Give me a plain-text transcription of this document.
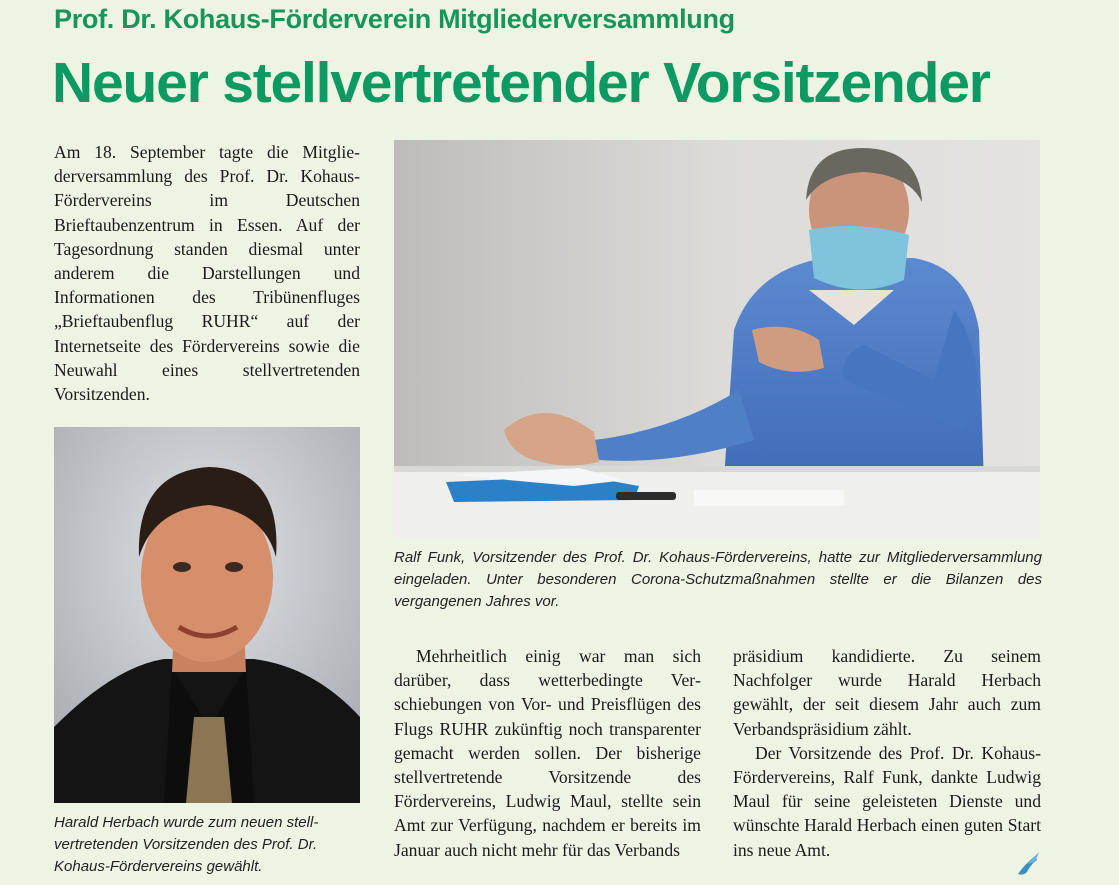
Prof. Dr. Kohaus-Förderverein Mitgliederversammlung
Neuer stellvertretender Vorsitzender

Am 18. September tagte die Mitgliederversammlung des Prof. Dr. Kohaus-Fördervereins im Deutschen Brieftaubenzentrum in Essen. Auf der Tagesordnung standen diesmal unter anderem die Darstellungen und Informationen des Tribünenfluges „Brieftaubenflug RUHR“ auf der Internetseite des Fördervereins sowie die Neuwahl eines stellvertretenden Vorsitzenden.

Ralf Funk, Vorsitzender des Prof. Dr. Kohaus-Fördervereins, hatte zur Mitgliederversammlung eingeladen. Unter besonderen Corona-Schutzmaßnahmen stellte er die Bilanzen des vergangenen Jahres vor.
Harald Herbach wurde zum neuen stellvertretenden Vorsitzenden des Prof. Dr. Kohaus-Fördervereins gewählt.

Mehrheitlich einig war man sich darüber, dass wetterbedingte Verschiebungen von Vor- und Preisflügen des Flugs RUHR zukünftig noch transparenter gemacht werden sollen. Der bisherige stellvertretende Vorsitzende des Fördervereins, Ludwig Maul, stellte sein Amt zur Verfügung, nachdem er bereits im Januar auch nicht mehr für das Verbands

präsidium kandidierte. Zu seinem Nachfolger wurde Harald Herbach gewählt, der seit diesem Jahr auch zum Verbandspräsidium zählt.

Der Vorsitzende des Prof. Dr. Kohaus-Fördervereins, Ralf Funk, dankte Ludwig Maul für seine geleisteten Dienste und wünschte Harald Herbach einen guten Start ins neue Amt.
